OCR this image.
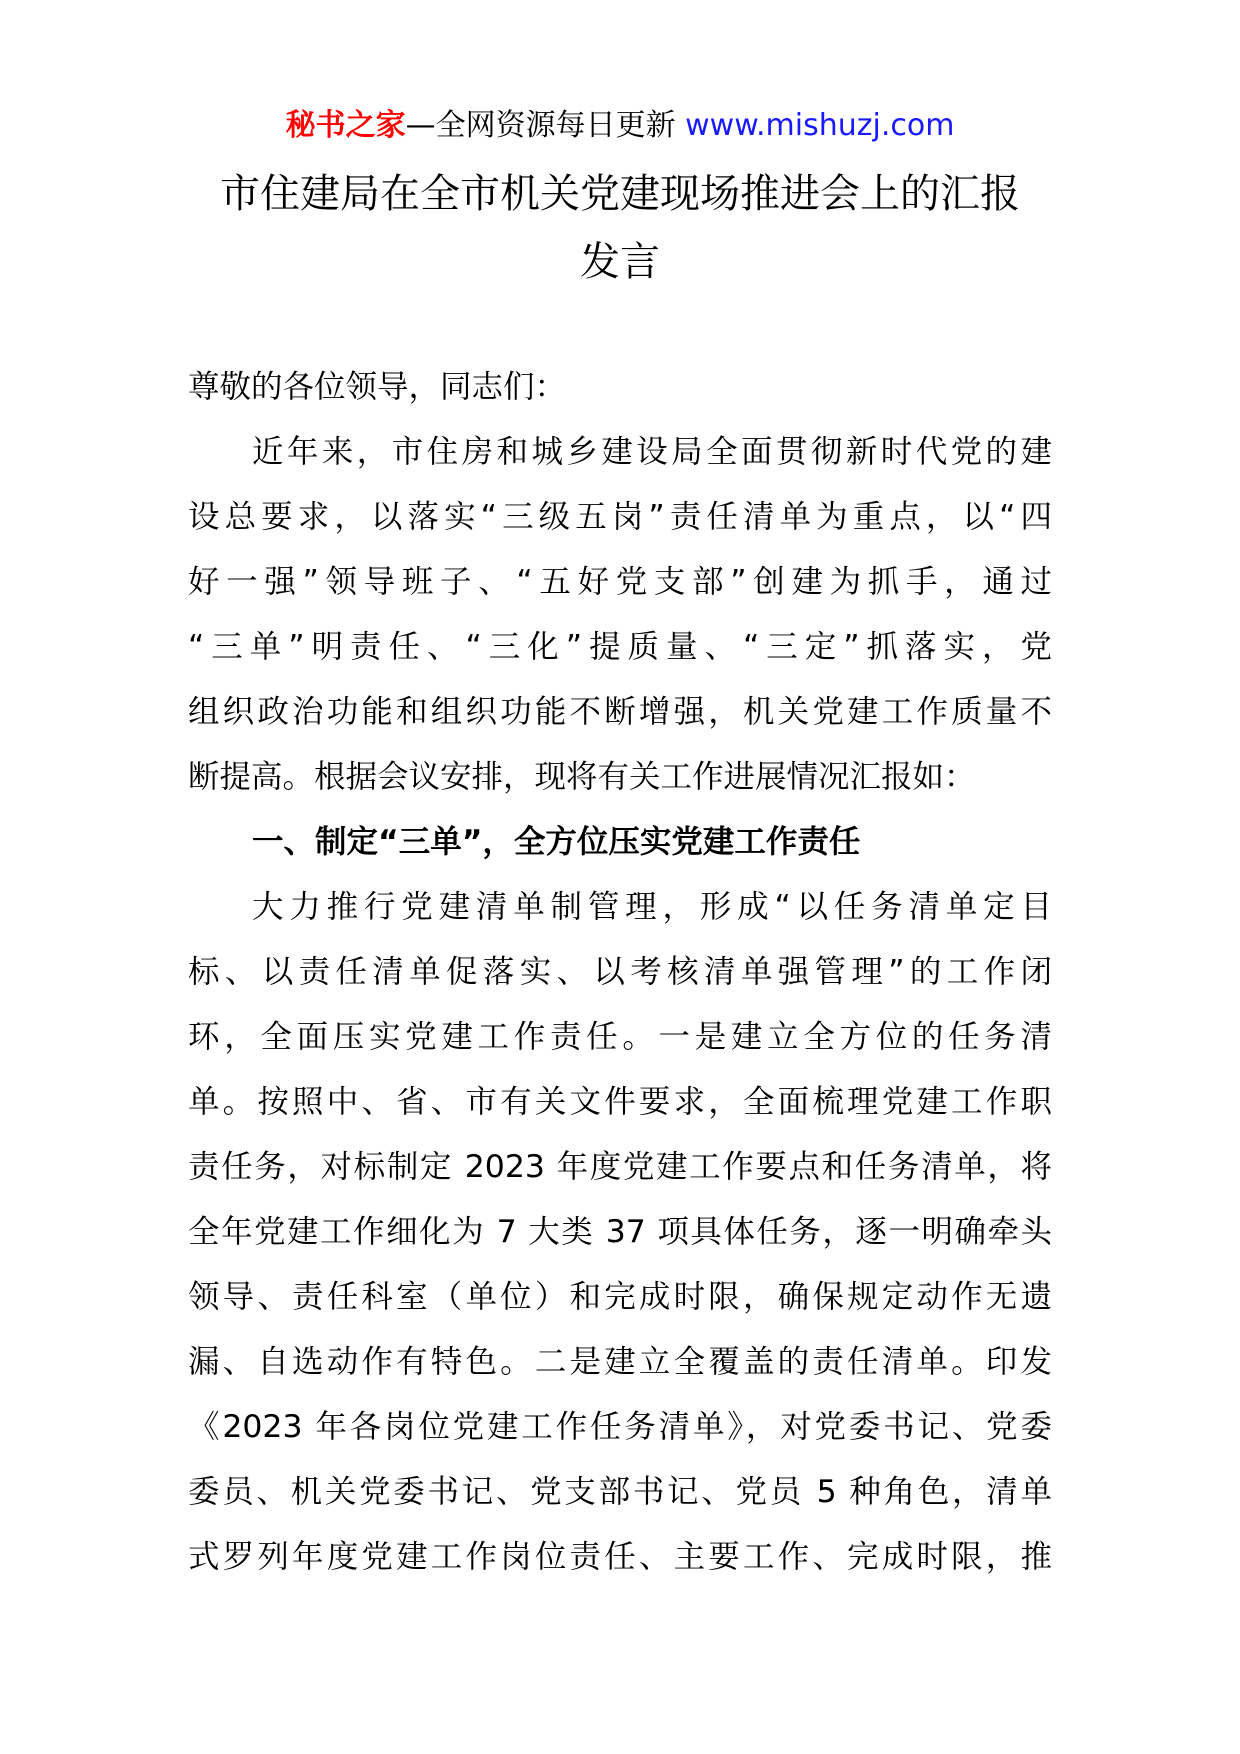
秘书之家—全网资源每日更新 www.mishuzj.com
市住建局在全市机关党建现场推进会上的汇报
发言
尊敬的各位领导，同志们：
近年来，市住房和城乡建设局全面贯彻新时代党的建
设总要求，以落实“三级五岗”责任清单为重点，以“四
好一强”领导班子、“五好党支部”创建为抓手，通过
“三单”明责任、“三化”提质量、“三定”抓落实，党
组织政治功能和组织功能不断增强，机关党建工作质量不
断提高。根据会议安排，现将有关工作进展情况汇报如：
一、制定“三单”，全方位压实党建工作责任
大力推行党建清单制管理，形成“以任务清单定目
标、以责任清单促落实、以考核清单强管理”的工作闭
环，全面压实党建工作责任。一是建立全方位的任务清
单。按照中、省、市有关文件要求，全面梳理党建工作职
责任务，对标制定 2023 年度党建工作要点和任务清单，将
全年党建工作细化为 7 大类 37 项具体任务，逐一明确牵头
领导、责任科室（单位）和完成时限，确保规定动作无遗
漏、自选动作有特色。二是建立全覆盖的责任清单。印发
《2023 年各岗位党建工作任务清单》，对党委书记、党委
委员、机关党委书记、党支部书记、党员 5 种角色，清单
式罗列年度党建工作岗位责任、主要工作、完成时限，推
